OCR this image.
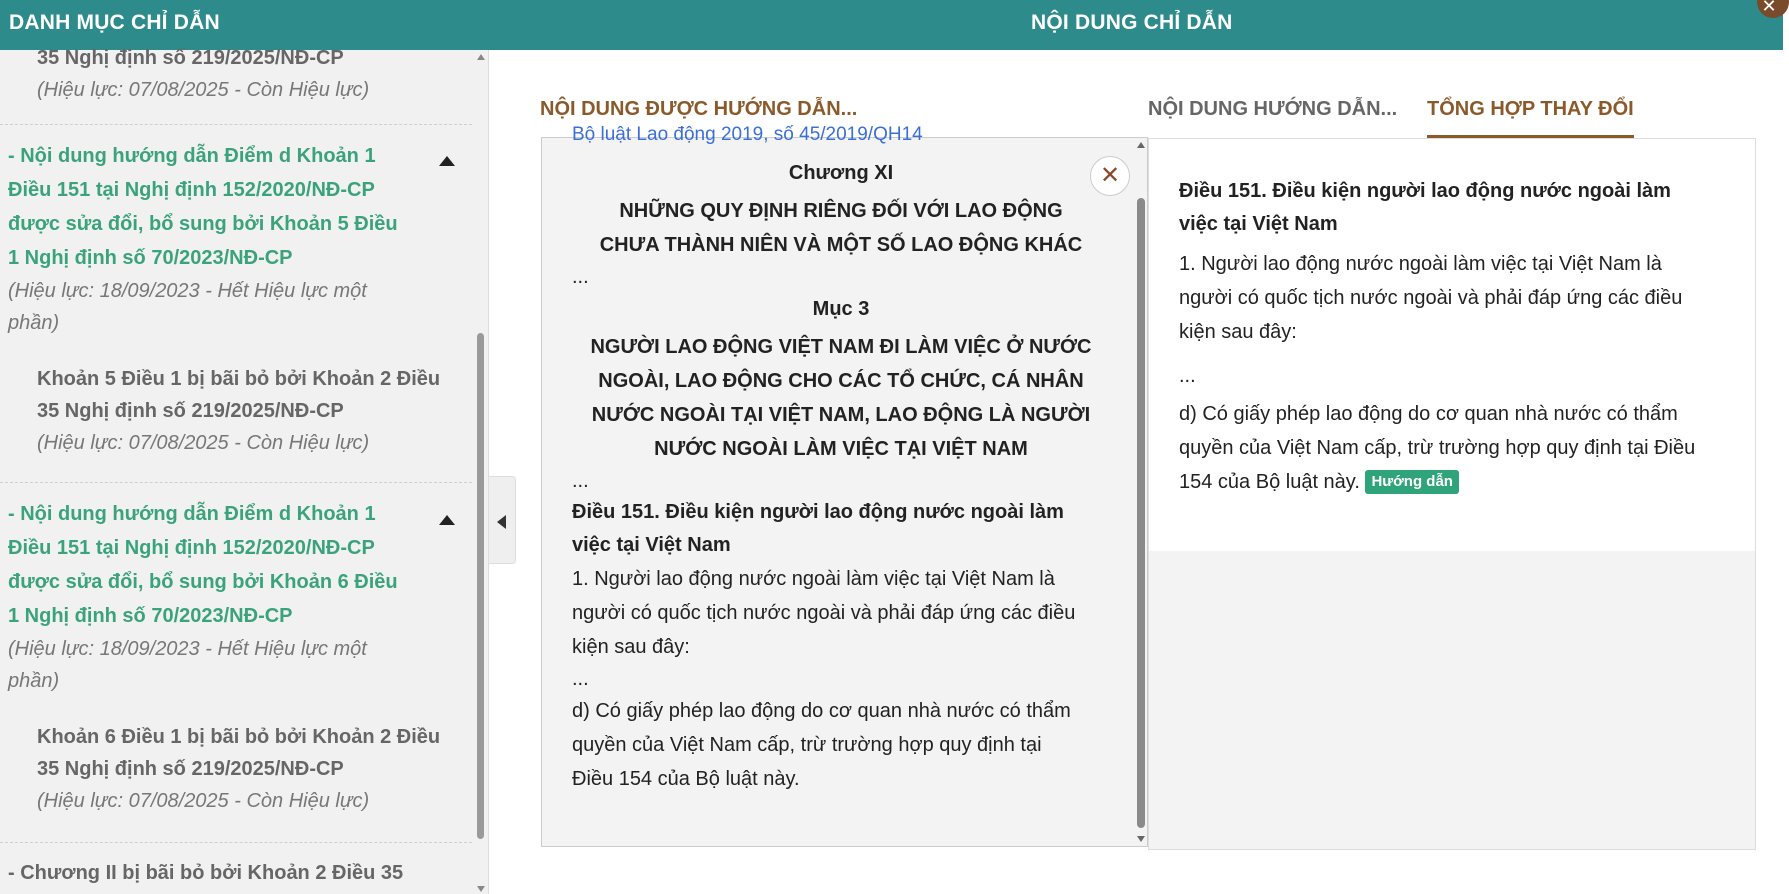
DANH MỤC CHỈ DẪN	NỘI DUNG CHỈ DẪN
✕
35 Nghị định số 219/2025/NĐ-CP
(Hiệu lực: 07/08/2025 - Còn Hiệu lực)
- Nội dung hướng dẫn Điểm d Khoản 1
Điều 151 tại Nghị định 152/2020/NĐ-CP
được sửa đổi, bổ sung bởi Khoản 5 Điều
1 Nghị định số 70/2023/NĐ-CP
(Hiệu lực: 18/09/2023 - Hết Hiệu lực một
phần)
Khoản 5 Điều 1 bị bãi bỏ bởi Khoản 2 Điều
35 Nghị định số 219/2025/NĐ-CP
(Hiệu lực: 07/08/2025 - Còn Hiệu lực)
- Nội dung hướng dẫn Điểm d Khoản 1
Điều 151 tại Nghị định 152/2020/NĐ-CP
được sửa đổi, bổ sung bởi Khoản 6 Điều
1 Nghị định số 70/2023/NĐ-CP
(Hiệu lực: 18/09/2023 - Hết Hiệu lực một
phần)
Khoản 6 Điều 1 bị bãi bỏ bởi Khoản 2 Điều
35 Nghị định số 219/2025/NĐ-CP
(Hiệu lực: 07/08/2025 - Còn Hiệu lực)
- Chương II bị bãi bỏ bởi Khoản 2 Điều 35
NỘI DUNG ĐƯỢC HƯỚNG DẪN...	NỘI DUNG HƯỚNG DẪN... TỔNG HỢP THAY ĐỔI
Bộ luật Lao động 2019, số 45/2019/QH14
Chương XI
NHỮNG QUY ĐỊNH RIÊNG ĐỐI VỚI LAO ĐỘNG
CHƯA THÀNH NIÊN VÀ MỘT SỐ LAO ĐỘNG KHÁC
...
Mục 3
NGƯỜI LAO ĐỘNG VIỆT NAM ĐI LÀM VIỆC Ở NƯỚC
NGOÀI, LAO ĐỘNG CHO CÁC TỔ CHỨC, CÁ NHÂN
NƯỚC NGOÀI TẠI VIỆT NAM, LAO ĐỘNG LÀ NGƯỜI
NƯỚC NGOÀI LÀM VIỆC TẠI VIỆT NAM
...
Điều 151. Điều kiện người lao động nước ngoài làm
việc tại Việt Nam
1. Người lao động nước ngoài làm việc tại Việt Nam là
người có quốc tịch nước ngoài và phải đáp ứng các điều
kiện sau đây:
...
d) Có giấy phép lao động do cơ quan nhà nước có thẩm
quyền của Việt Nam cấp, trừ trường hợp quy định tại
Điều 154 của Bộ luật này.
✕
Điều 151. Điều kiện người lao động nước ngoài làm
việc tại Việt Nam
1. Người lao động nước ngoài làm việc tại Việt Nam là
người có quốc tịch nước ngoài và phải đáp ứng các điều
kiện sau đây:
...
d) Có giấy phép lao động do cơ quan nhà nước có thẩm
quyền của Việt Nam cấp, trừ trường hợp quy định tại Điều
154 của Bộ luật này. Hướng dẫn
